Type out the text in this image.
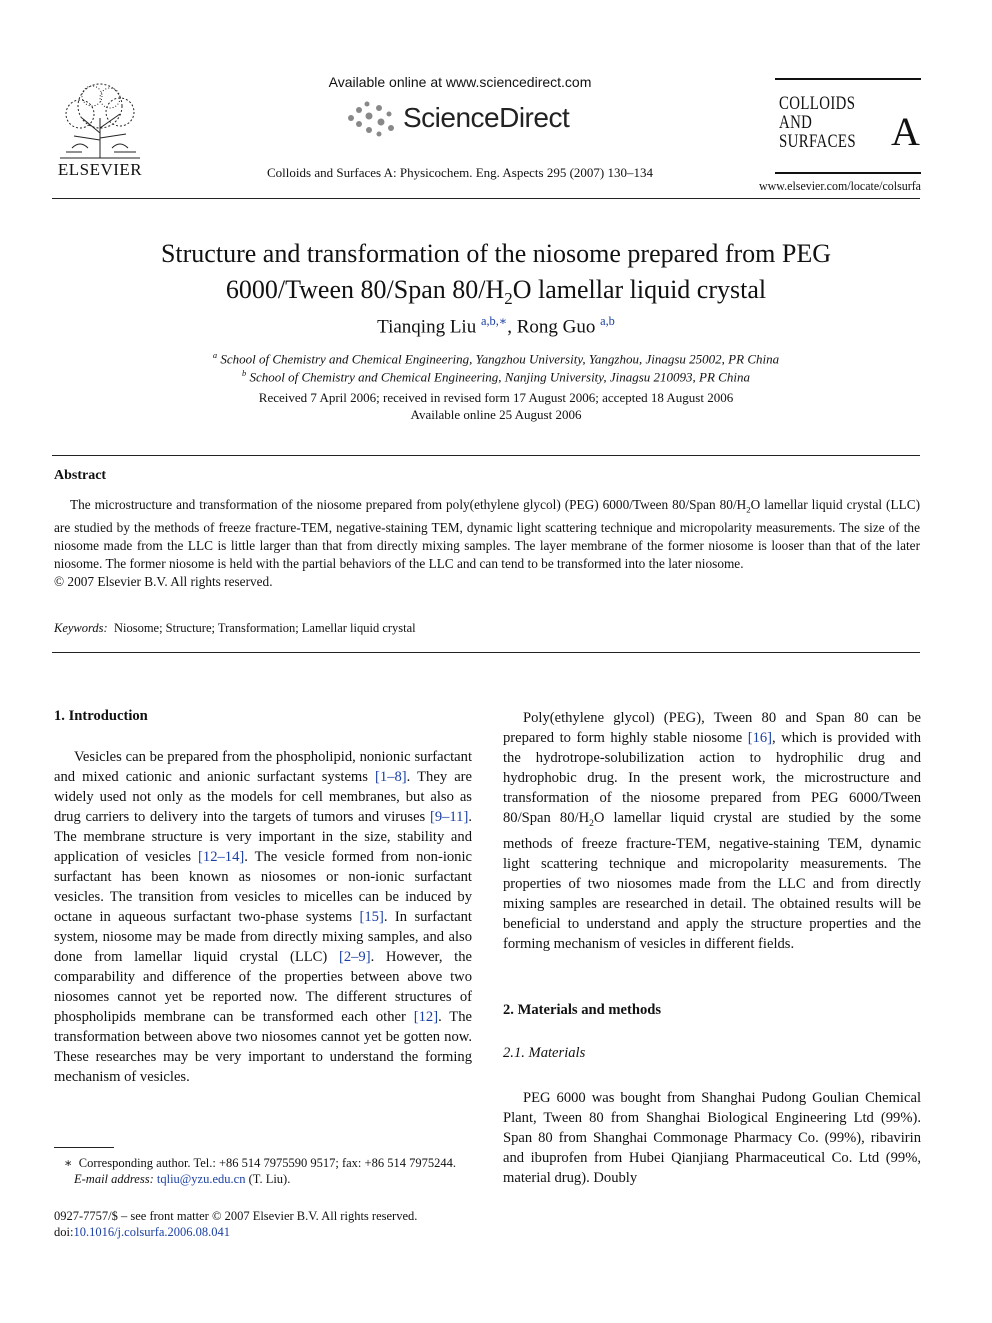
ELSEVIER
Available online at www.sciencedirect.com
ScienceDirect
Colloids and Surfaces A: Physicochem. Eng. Aspects 295 (2007) 130–134
COLLOIDS
AND
SURFACES A
www.elsevier.com/locate/colsurfa
Structure and transformation of the niosome prepared from PEG
6000/Tween 80/Span $80/H_2O$ lamellar liquid crystal
Tianqing Liu $^{a,b,∗}$, Rong Guo $^{a,b}$
$^a$ School of Chemistry and Chemical Engineering, Yangzhou University, Yangzhou, Jinagsu 25002, PR China
$^b$ School of Chemistry and Chemical Engineering, Nanjing University, Jinagsu 210093, PR China
Received 7 April 2006; received in revised form 17 August 2006; accepted 18 August 2006
Available online 25 August 2006
Abstract

The microstructure and transformation of the niosome prepared from poly(ethylene glycol) (PEG) 6000/Tween 80/Span $80/H_2O$ lamellar liquid crystal (LLC) are studied by the methods of freeze fracture-TEM, negative-staining TEM, dynamic light scattering technique and micropolarity measurements. The size of the niosome made from the LLC is little larger than that from directly mixing samples. The layer membrane of the former niosome is looser than that of the later niosome. The former niosome is held with the partial behaviors of the LLC and can tend to be transformed into the later niosome.

© 2007 Elsevier B.V. All rights reserved.
Keywords: Niosome; Structure; Transformation; Lamellar liquid crystal
1. Introduction

Vesicles can be prepared from the phospholipid, nonionic surfactant and mixed cationic and anionic surfactant systems [1–8]. They are widely used not only as the models for cell membranes, but also as drug carriers to delivery into the targets of tumors and viruses [9–11]. The membrane structure is very important in the size, stability and application of vesicles [12–14]. The vesicle formed from non-ionic surfactant has been known as niosomes or non-ionic surfactant vesicles. The transition from vesicles to micelles can be induced by octane in aqueous surfactant two-phase systems [15]. In surfactant system, niosome may be made from directly mixing samples, and also done from lamellar liquid crystal (LLC) [2–9]. However, the comparability and difference of the properties between above two niosomes cannot yet be reported now. The different structures of phospholipids membrane can be transformed each other [12]. The transformation between above two niosomes cannot yet be gotten now. These researches may be very important to understand the forming mechanism of vesicles.

∗ Corresponding author. Tel.: +86 514 7975590 9517; fax: +86 514 7975244.
E-mail address: tqliu@yzu.edu.cn (T. Liu).
0927-7757/$ – see front matter © 2007 Elsevier B.V. All rights reserved.
doi:10.1016/j.colsurfa.2006.08.041

Poly(ethylene glycol) (PEG), Tween 80 and Span 80 can be prepared to form highly stable niosome [16], which is provided with the hydrotrope-solubilization action to hydrophilic drug and hydrophobic drug. In the present work, the microstructure and transformation of the niosome prepared from PEG 6000/Tween 80/Span $80/H_2O$ lamellar liquid crystal are studied by the some methods of freeze fracture-TEM, negative-staining TEM, dynamic light scattering technique and micropolarity measurements. The properties of two niosomes made from the LLC and from directly mixing samples are researched in detail. The obtained results will be beneficial to understand and apply the structure properties and the forming mechanism of vesicles in different fields.

2. Materials and methods
2.1. Materials

PEG 6000 was bought from Shanghai Pudong Goulian Chemical Plant, Tween 80 from Shanghai Biological Engineering Ltd (99%). Span 80 from Shanghai Commonage Pharmacy Co. (99%), ribavirin and ibuprofen from Hubei Qianjiang Pharmaceutical Co. Ltd (99%, material drug). Doubly
